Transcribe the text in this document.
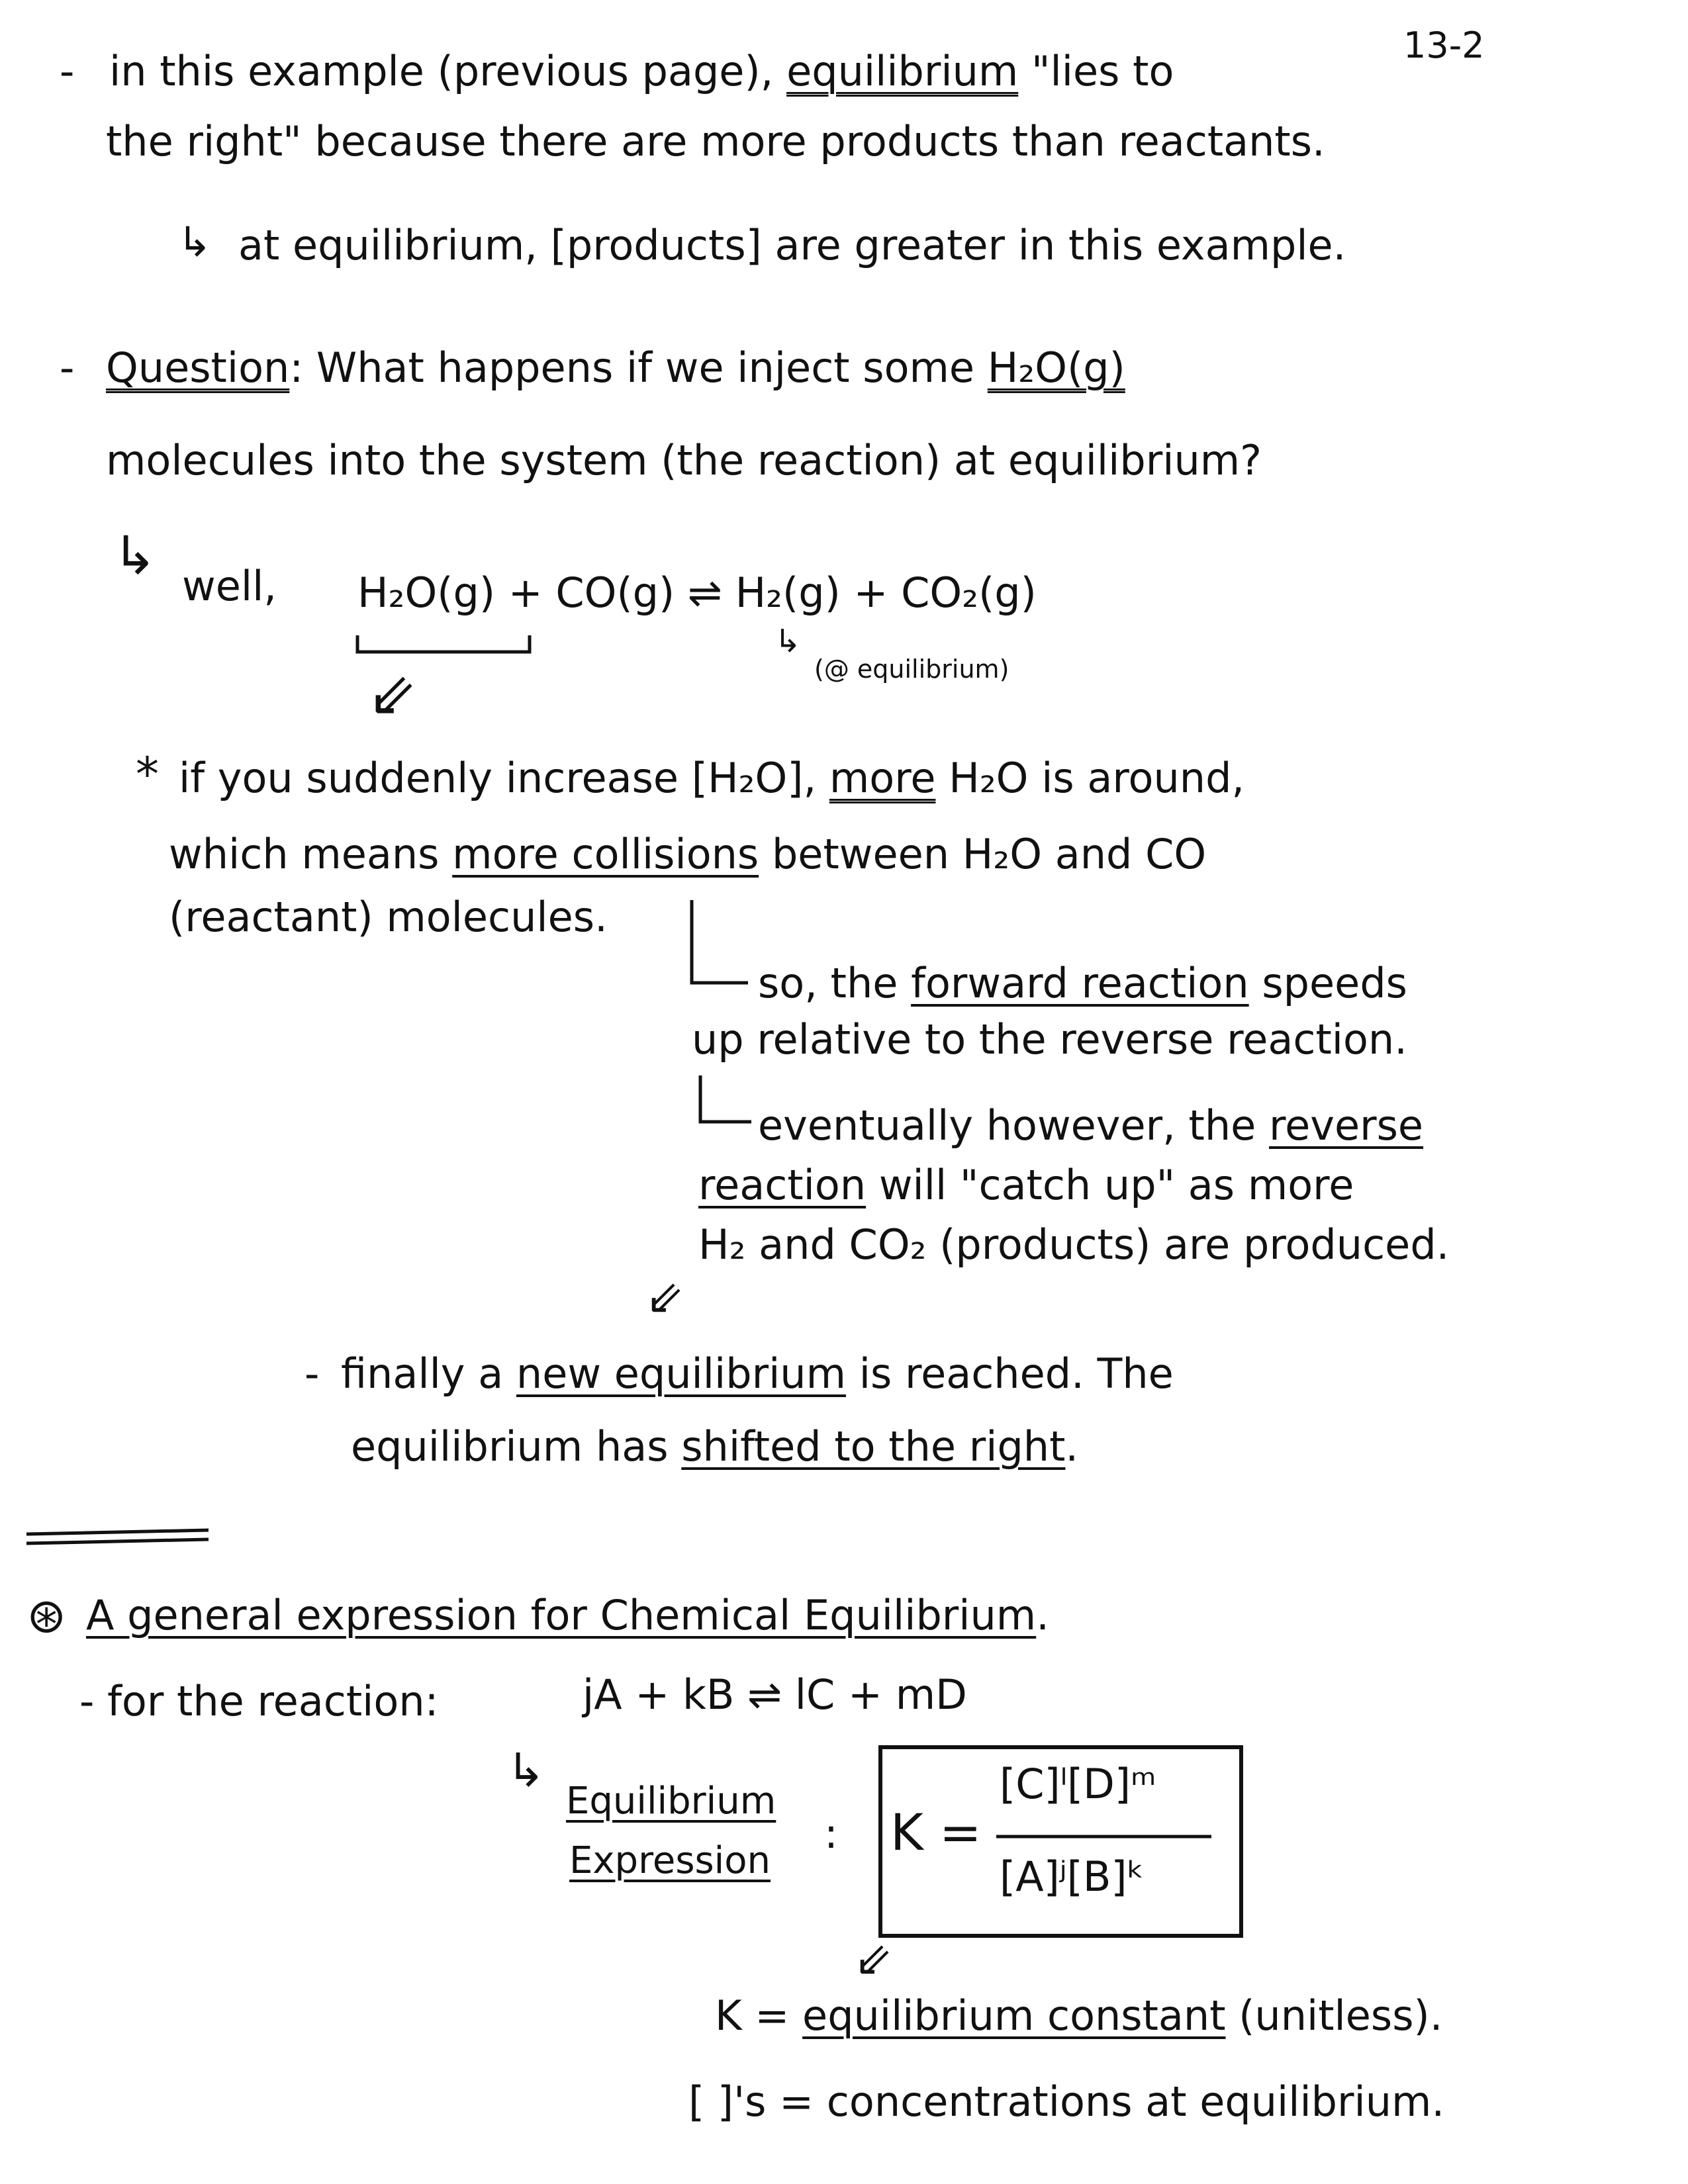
13-2
- in this example (previous page), equilibrium "lies to
the right" because there are more products than reactants.
↳ at equilibrium, [products] are greater in this example.
- Question: What happens if we inject some H₂O(g)
molecules into the system (the reaction) at equilibrium?
↳ well, H₂O(g) + CO(g) ⇌ H₂(g) + CO₂(g)
↳
(@ equilibrium)
⇙
* if you suddenly increase [H₂O], more H₂O is around,
which means more collisions between H₂O and CO
(reactant) molecules.
so, the forward reaction speeds
up relative to the reverse reaction.
eventually however, the reverse
reaction will "catch up" as more
H₂ and CO₂ (products) are produced.
⇙
- finally a new equilibrium is reached. The
equilibrium has shifted to the right.
⊛ A general expression for Chemical Equilibrium.
- for the reaction:	jA + kB ⇌ lC + mD
↳
Equilibrium
Expression
: K =
[C]ˡ[D]ᵐ
[A]ʲ[B]ᵏ
⇙
K = equilibrium constant (unitless).
[ ]'s = concentrations at equilibrium.
